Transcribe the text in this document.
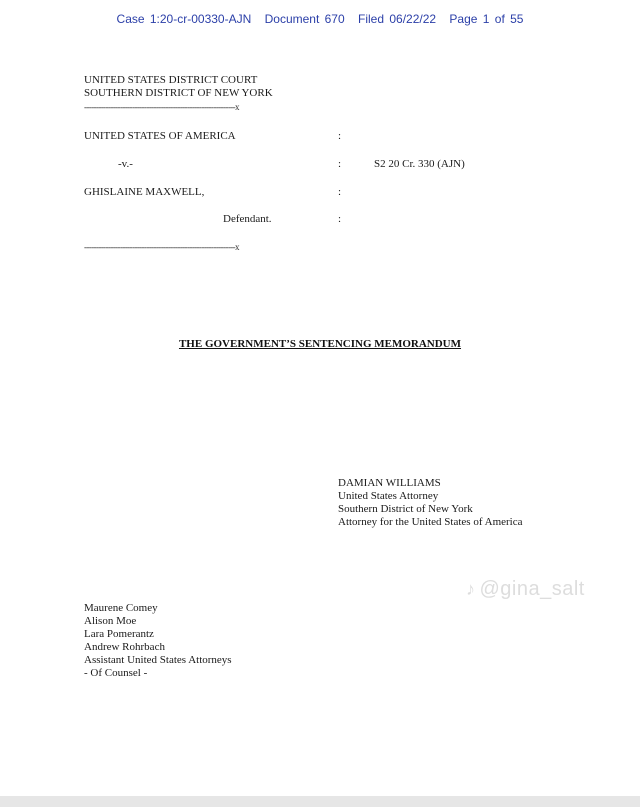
Case 1:20-cr-00330-AJN Document 670 Filed 06/22/22 Page 1 of 55
UNITED STATES DISTRICT COURT
SOUTHERN DISTRICT OF NEW YORK
---------------------------------------------------------------x
UNITED STATES OF AMERICA	:
-v.-	:	S2 20 Cr. 330 (AJN)
GHISLAINE MAXWELL,	:
Defendant.	:
---------------------------------------------------------------x
THE GOVERNMENT’S SENTENCING MEMORANDUM
DAMIAN WILLIAMS
United States Attorney
Southern District of New York
Attorney for the United States of America
♪ @gina_salt
Maurene Comey
Alison Moe
Lara Pomerantz
Andrew Rohrbach
Assistant United States Attorneys
- Of Counsel -
